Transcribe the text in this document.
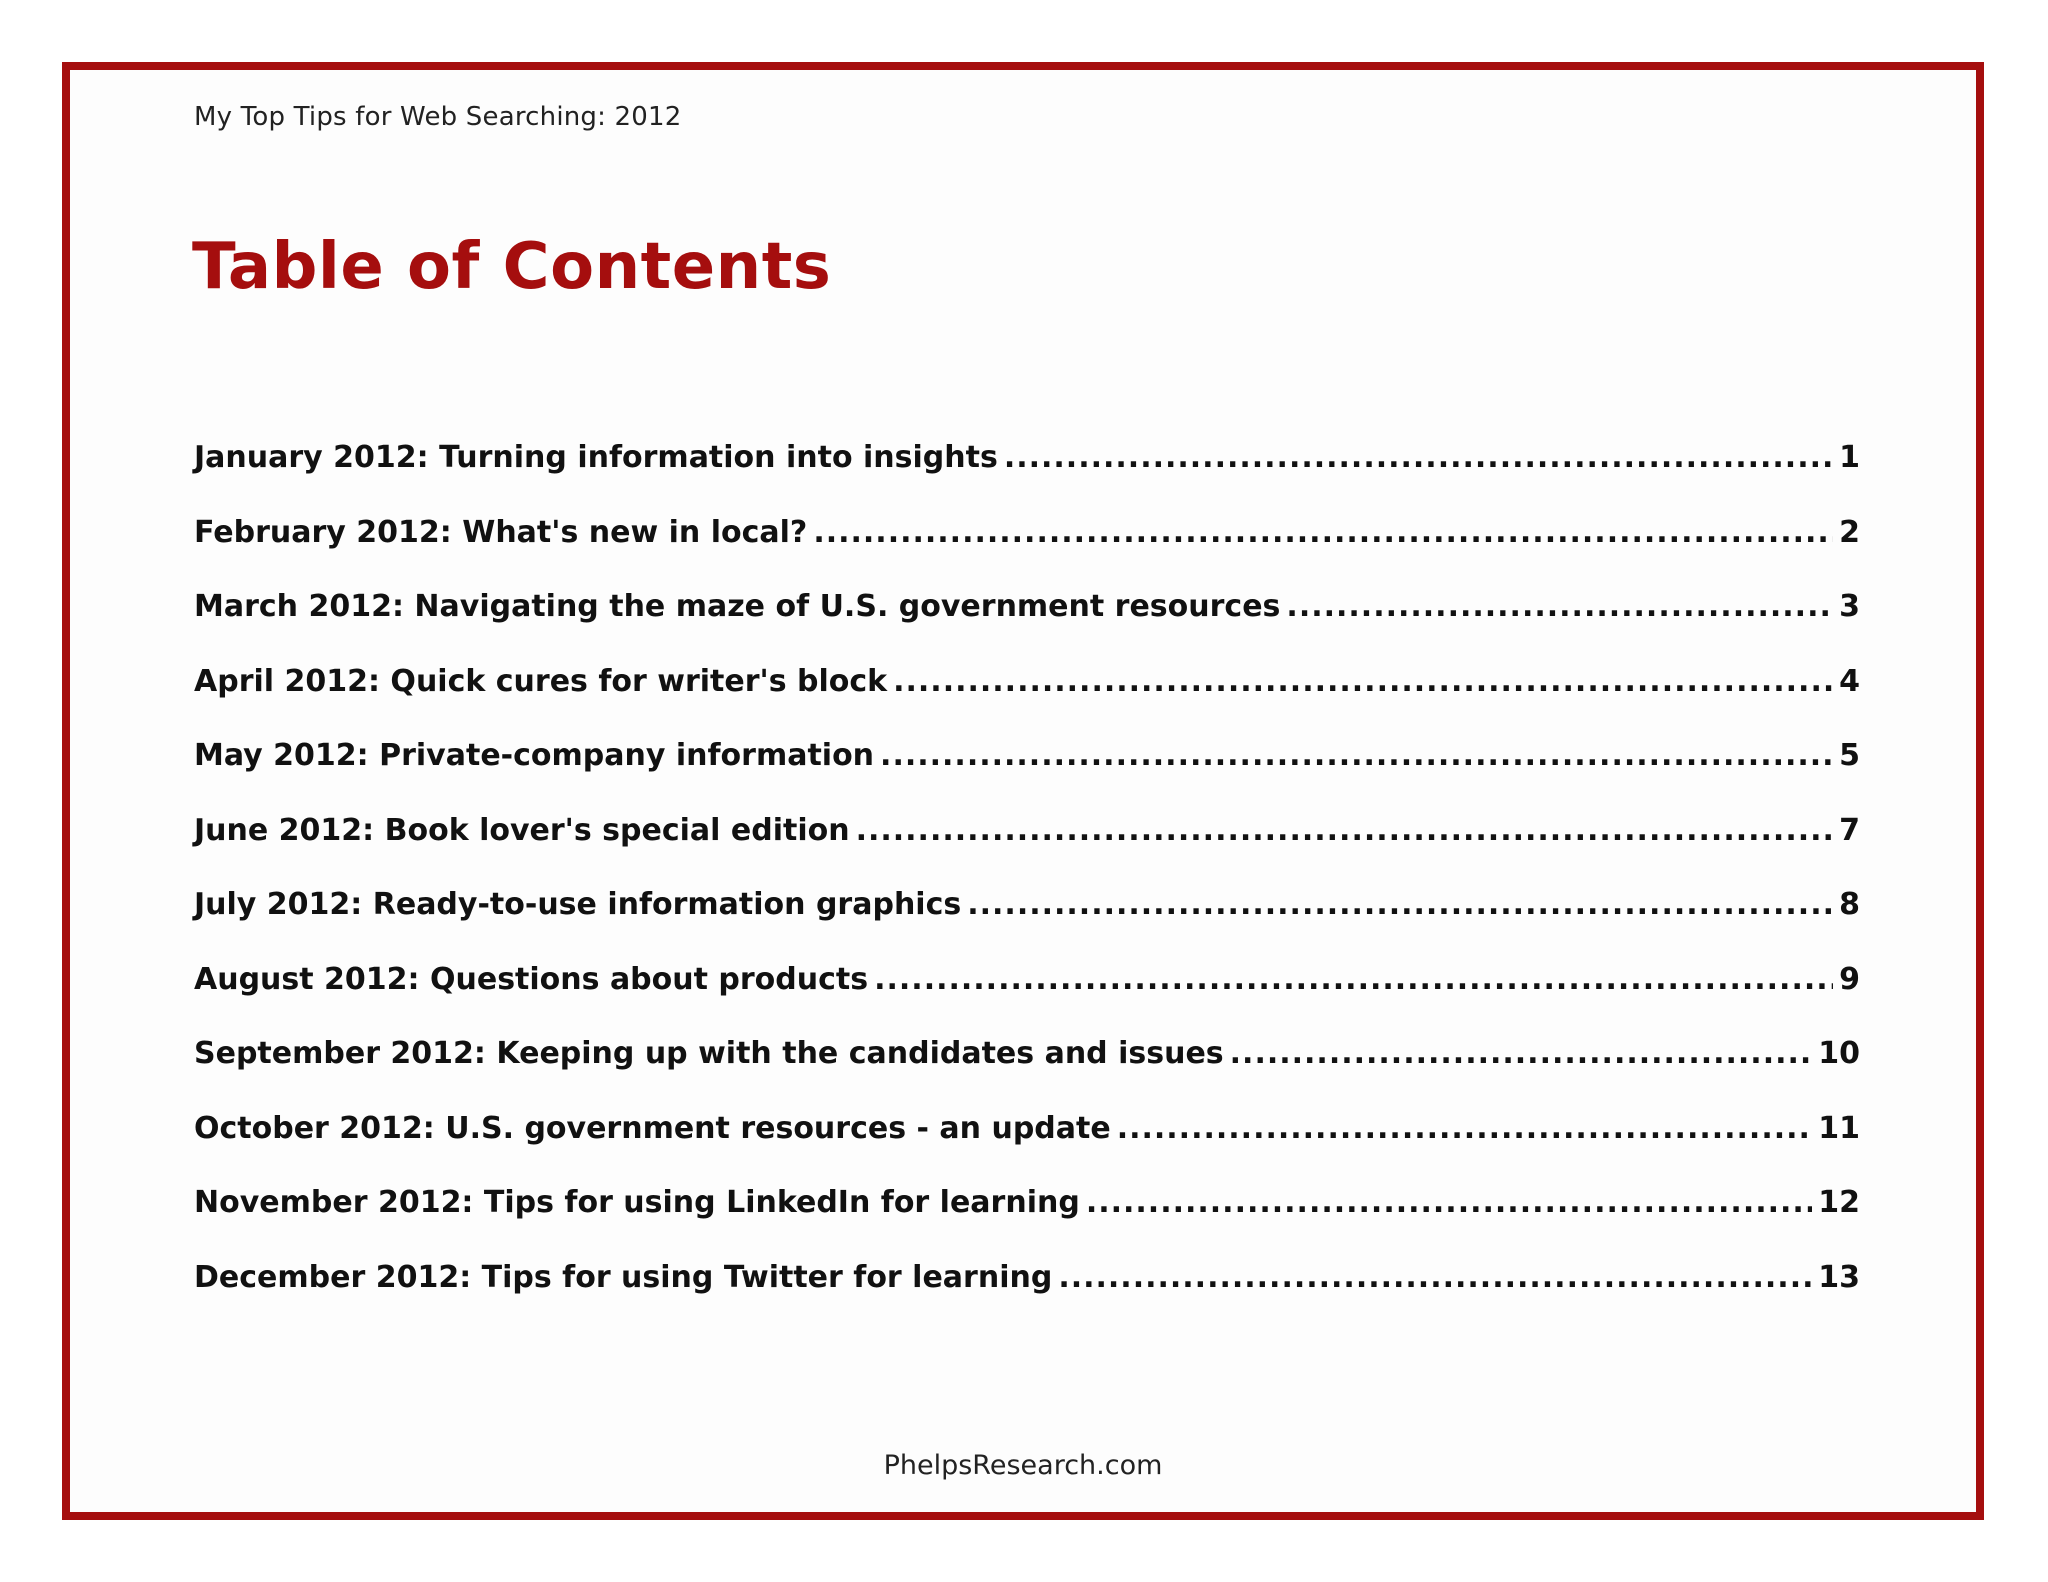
My Top Tips for Web Searching: 2012
Table of Contents
January 2012: Turning information into insights .....	1
February 2012: What's new in local? .....	2
March 2012: Navigating the maze of U.S. government resources .....	3
April 2012: Quick cures for writer's block .....	4
May 2012: Private-company information .....	5
June 2012: Book lover's special edition .....	7
July 2012: Ready-to-use information graphics .....	8
August 2012: Questions about products .....	9
September 2012: Keeping up with the candidates and issues .....	10
October 2012: U.S. government resources - an update .....	11
November 2012: Tips for using LinkedIn for learning .....	12
December 2012: Tips for using Twitter for learning .....	13
PhelpsResearch.com
